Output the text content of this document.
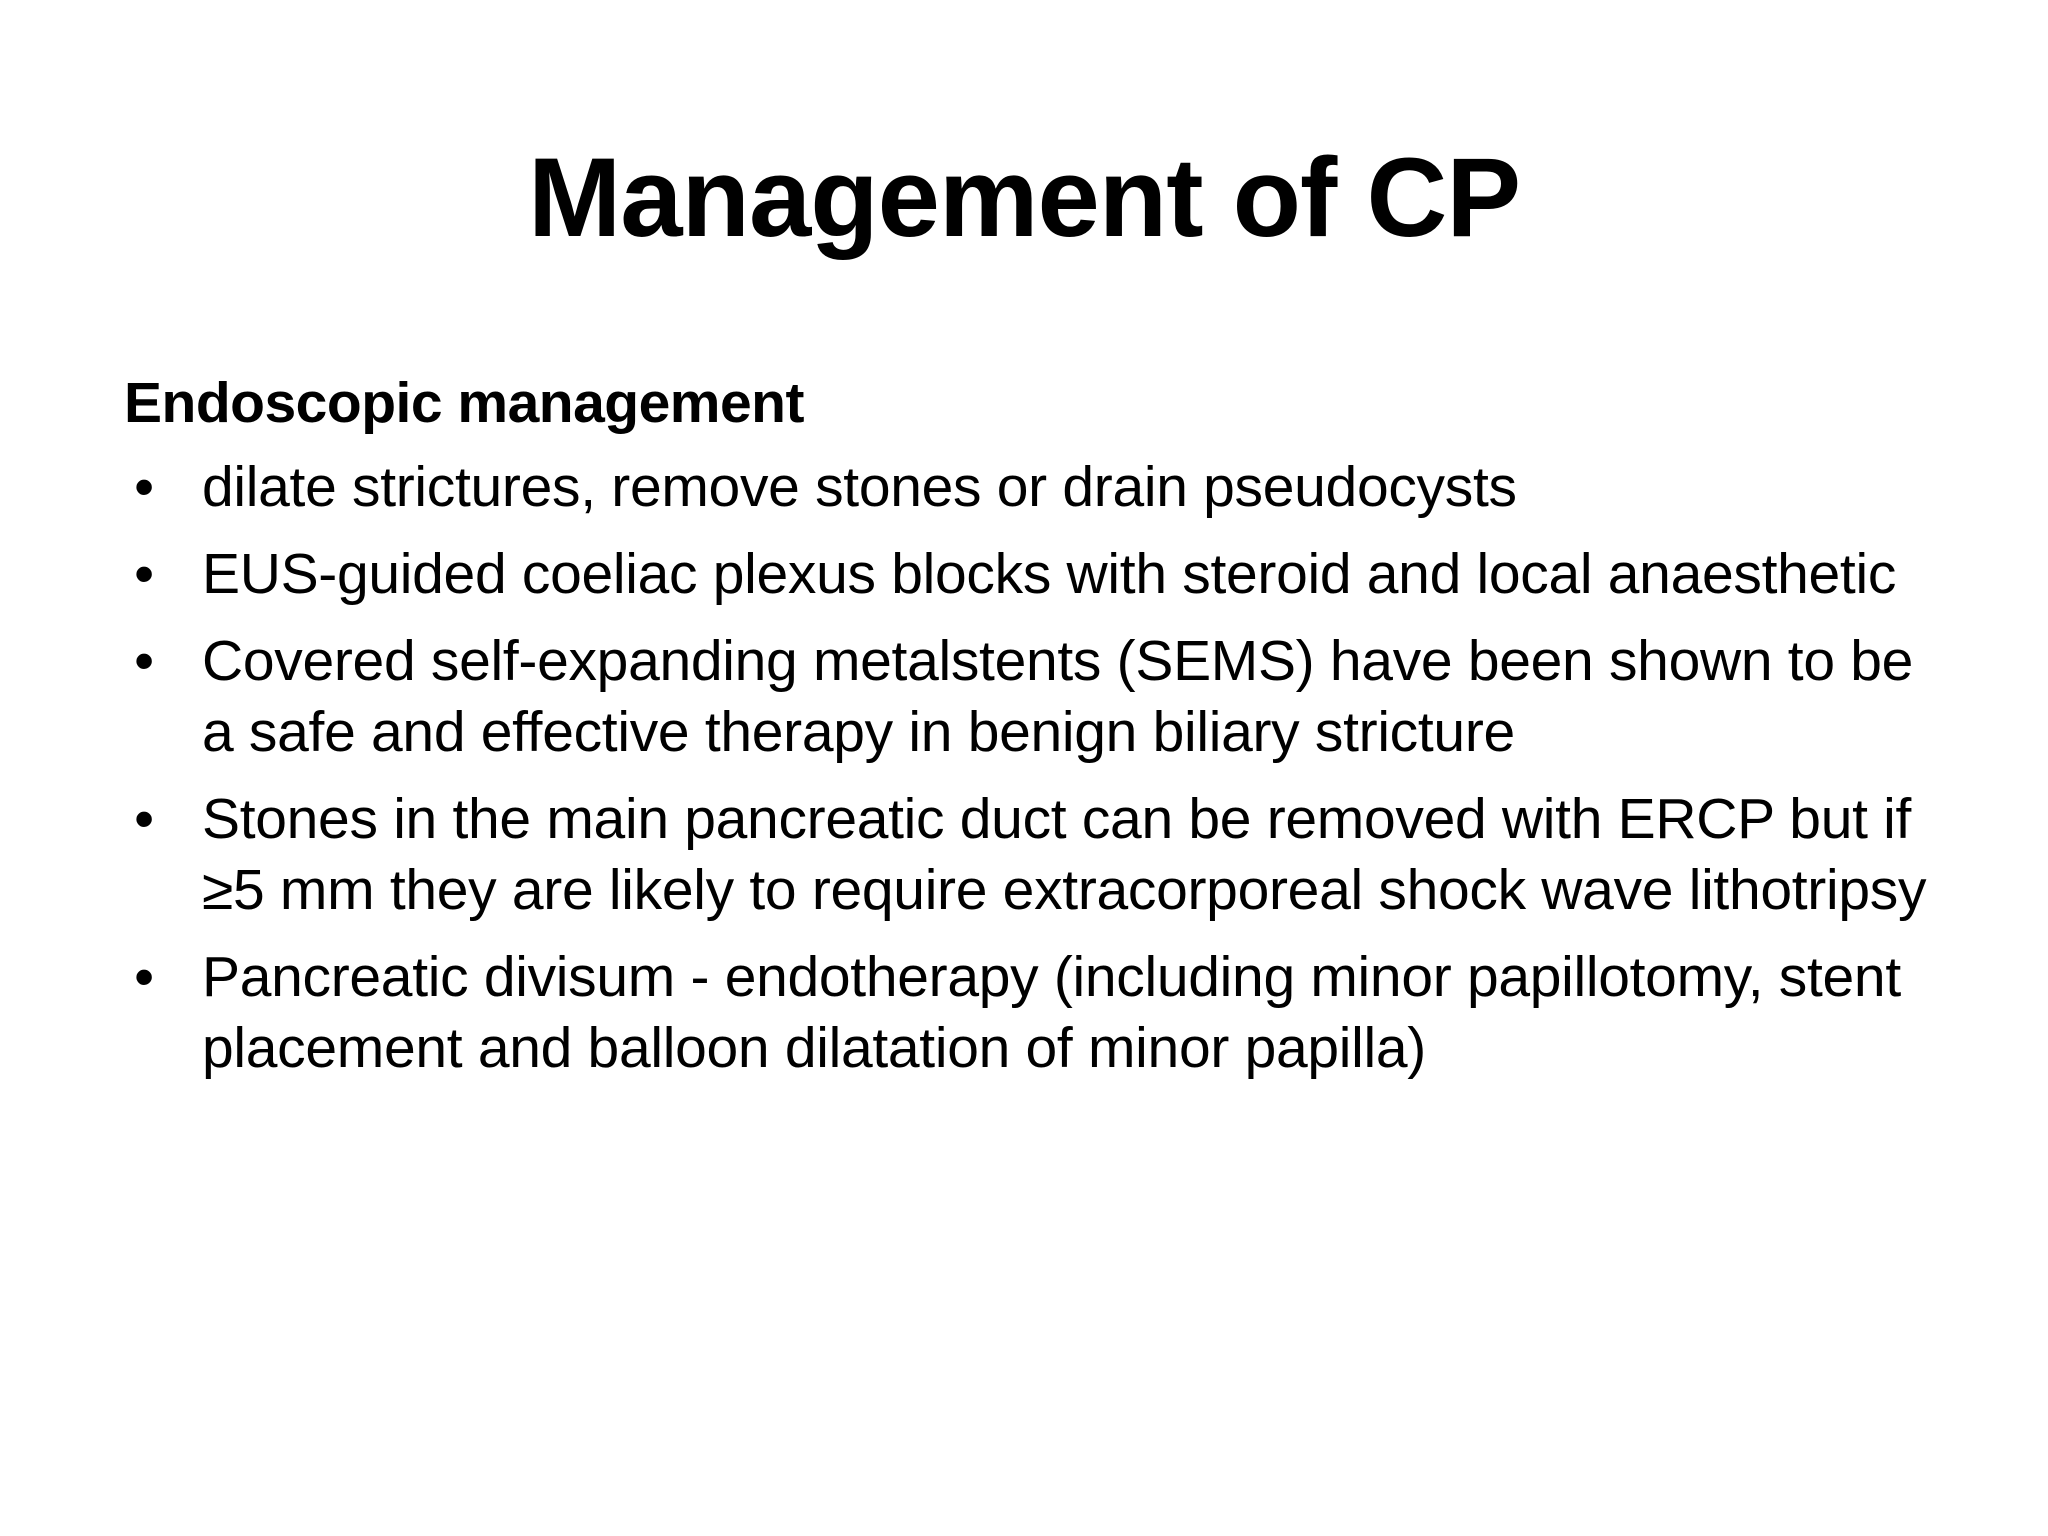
Management of CP
Endoscopic management
• dilate strictures, remove stones or drain pseudocysts
• EUS-guided coeliac plexus blocks with steroid and local anaesthetic
• Covered self-expanding metalstents (SEMS) have been shown to be a safe and effective therapy in benign biliary stricture
• Stones in the main pancreatic duct can be removed with ERCP but if ≥5 mm they are likely to require extracorporeal shock wave lithotripsy
• Pancreatic divisum - endotherapy (including minor papillotomy, stent placement and balloon dilatation of minor papilla)
